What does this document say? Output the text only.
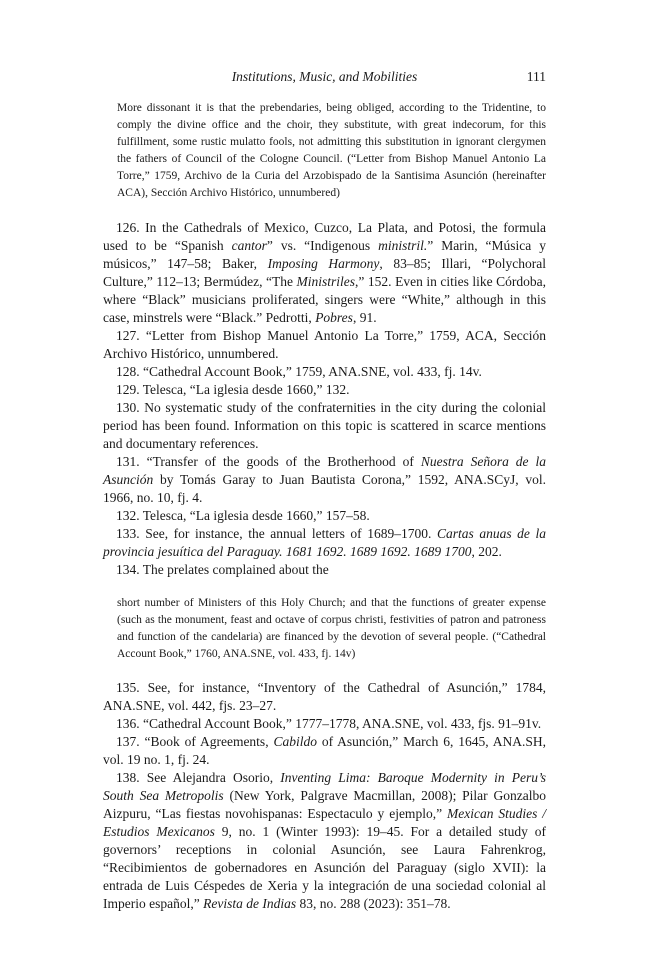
Institutions, Music, and Mobilities	111

More dissonant it is that the prebendaries, being obliged, according to the Tridentine, to comply the divine office and the choir, they substitute, with great indecorum, for this fulfillment, some rustic mulatto fools, not admitting this substitution in ignorant clergymen the fathers of Council of the Cologne Council. (“Letter from Bishop Manuel Antonio La Torre,” 1759, Archivo de la Curia del Arzobispado de la Santisima Asunción (hereinafter ACA), Sección Archivo Histórico, unnumbered)

126. In the Cathedrals of Mexico, Cuzco, La Plata, and Potosi, the formula used to be “Spanish cantor” vs. “Indigenous ministril.” Marin, “Música y músicos,” 147–58; Baker, Imposing Harmony, 83–85; Illari, “Polychoral Culture,” 112–13; Bermúdez, “The Ministriles,” 152. Even in cities like Córdoba, where “Black” musicians proliferated, singers were “White,” although in this case, minstrels were “Black.” Pedrotti, Pobres, 91.

127. “Letter from Bishop Manuel Antonio La Torre,” 1759, ACA, Sección Archivo Histórico, unnumbered.

128. “Cathedral Account Book,” 1759, ANA.SNE, vol. 433, fj. 14v.

129. Telesca, “La iglesia desde 1660,” 132.

130. No systematic study of the confraternities in the city during the colonial period has been found. Information on this topic is scattered in scarce mentions and documentary references.

131. “Transfer of the goods of the Brotherhood of Nuestra Señora de la Asunción by Tomás Garay to Juan Bautista Corona,” 1592, ANA.SCyJ, vol. 1966, no. 10, fj. 4.

132. Telesca, “La iglesia desde 1660,” 157–58.

133. See, for instance, the annual letters of 1689–1700. Cartas anuas de la provincia jesuítica del Paraguay. 1681 1692. 1689 1692. 1689 1700, 202.

134. The prelates complained about the

short number of Ministers of this Holy Church; and that the functions of greater expense (such as the monument, feast and octave of corpus christi, festivities of patron and patroness and function of the candelaria) are financed by the devotion of several people. (“Cathedral Account Book,” 1760, ANA.SNE, vol. 433, fj. 14v)

135. See, for instance, “Inventory of the Cathedral of Asunción,” 1784, ANA.SNE, vol. 442, fjs. 23–27.

136. “Cathedral Account Book,” 1777–1778, ANA.SNE, vol. 433, fjs. 91–91v.

137. “Book of Agreements, Cabildo of Asunción,” March 6, 1645, ANA.SH, vol. 19 no. 1, fj. 24.

138. See Alejandra Osorio, Inventing Lima: Baroque Modernity in Peru’s South Sea Metropolis (New York, Palgrave Macmillan, 2008); Pilar Gonzalbo Aizpuru, “Las fiestas novohispanas: Espectaculo y ejemplo,” Mexican Studies / Estudios Mexicanos 9, no. 1 (Winter 1993): 19–45. For a detailed study of governors’ receptions in colonial Asunción, see Laura Fahrenkrog, “Recibimientos de gobernadores en Asunción del Paraguay (siglo XVII): la entrada de Luis Céspedes de Xeria y la integración de una sociedad colonial al Imperio español,” Revista de Indias 83, no. 288 (2023): 351–78.
